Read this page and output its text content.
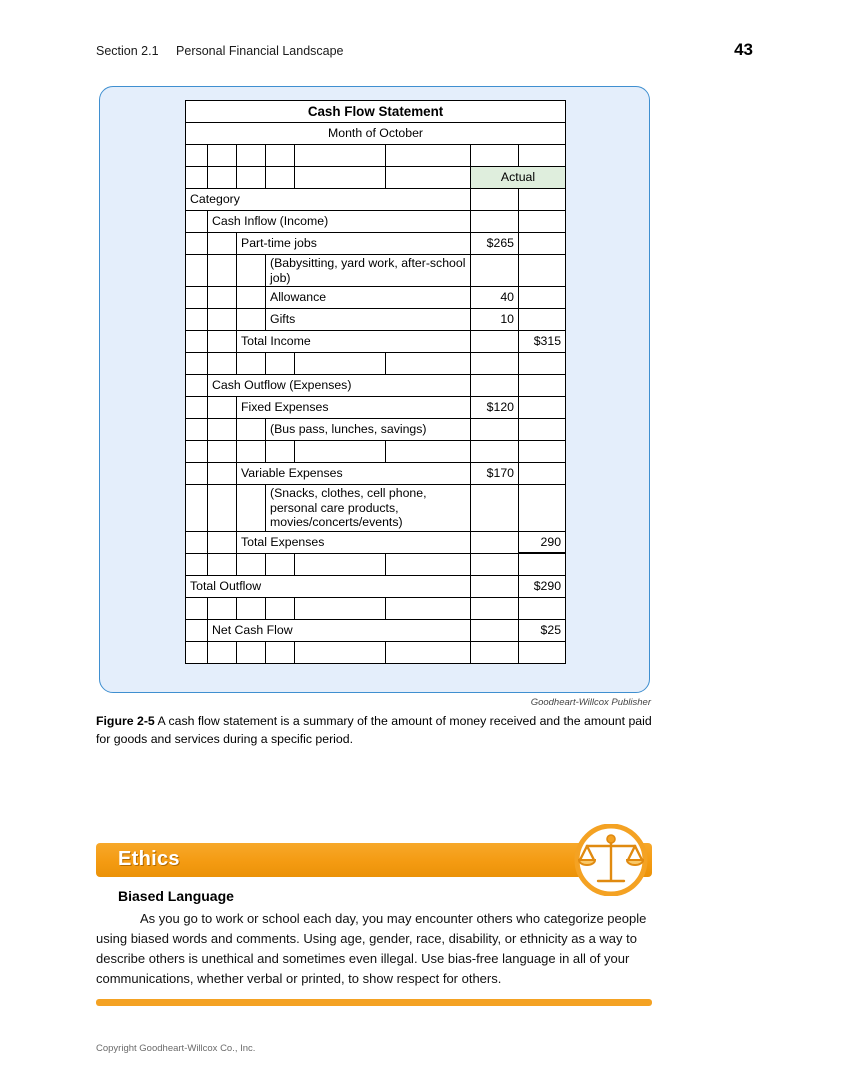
Section 2.1 Personal Financial Landscape	43
Cash Flow Statement							
Month of October							

						Actual	
Category							
	Cash Inflow (Income)						
		Part-time jobs				$265	
			(Babysitting, yard work, after-school job)				
			Allowance			40	
			Gifts			10	
		Total Income					$315

	Cash Outflow (Expenses)						
		Fixed Expenses				$120	
			(Bus pass, lunches, savings)				

		Variable Expenses				$170	
			(Snacks, clothes, cell phone, personal care products, movies/concerts/events)				
		Total Expenses					290

Total Outflow							$290

	Net Cash Flow						$25

Goodheart-Willcox Publisher
Figure 2-5 A cash flow statement is a summary of the amount of money received and the amount paid for goods and services during a specific period.
Ethics
Biased Language
As you go to work or school each day, you may encounter others who categorize people using biased words and comments. Using age, gender, race, disability, or ethnicity as a way to describe others is unethical and sometimes even illegal. Use bias-free language in all of your communications, whether verbal or printed, to show respect for others.
Copyright Goodheart-Willcox Co., Inc.
